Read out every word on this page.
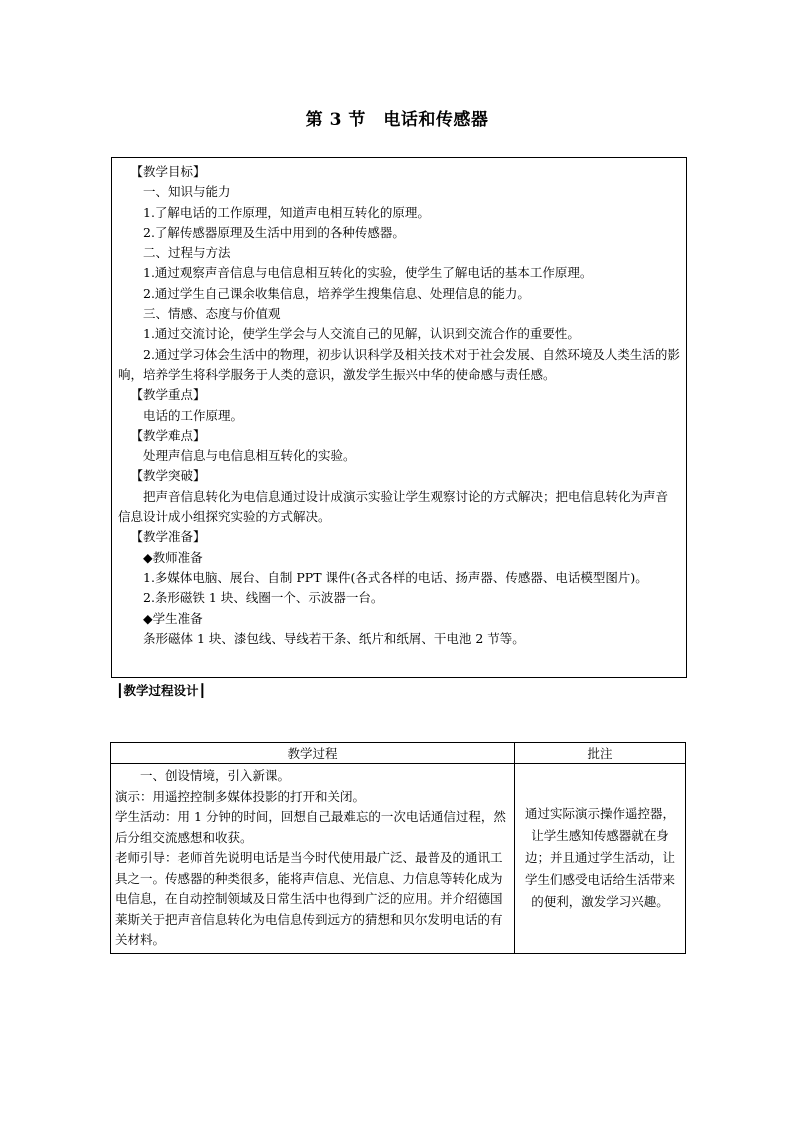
第 3 节　电话和传感器

【教学目标】

一、知识与能力

1.了解电话的工作原理，知道声电相互转化的原理。

2.了解传感器原理及生活中用到的各种传感器。

二、过程与方法

1.通过观察声音信息与电信息相互转化的实验，使学生了解电话的基本工作原理。

2.通过学生自己课余收集信息，培养学生搜集信息、处理信息的能力。

三、情感、态度与价值观

1.通过交流讨论，使学生学会与人交流自己的见解，认识到交流合作的重要性。

2.通过学习体会生活中的物理，初步认识科学及相关技术对于社会发展、自然环境及人类生活的影响，培养学生将科学服务于人类的意识，激发学生振兴中华的使命感与责任感。

【教学重点】

电话的工作原理。

【教学难点】

处理声信息与电信息相互转化的实验。

【教学突破】

把声音信息转化为电信息通过设计成演示实验让学生观察讨论的方式解决；把电信息转化为声音信息设计成小组探究实验的方式解决。

【教学准备】

◆教师准备

1.多媒体电脑、展台、自制 PPT 课件(各式各样的电话、扬声器、传感器、电话模型图片)。

2.条形磁铁 1 块、线圈一个、示波器一台。

◆学生准备

条形磁体 1 块、漆包线、导线若干条、纸片和纸屑、干电池 2 节等。

┃教学过程设计┃
教学过程	批注

一、创设情境，引入新课。

演示：用遥控控制多媒体投影的打开和关闭。

学生活动：用 1 分钟的时间，回想自己最难忘的一次电话通信过程，然后分组交流感想和收获。

老师引导：老师首先说明电话是当今时代使用最广泛、最普及的通讯工具之一。传感器的种类很多，能将声信息、光信息、力信息等转化成为电信息，在自动控制领域及日常生活中也得到广泛的应用。并介绍德国莱斯关于把声音信息转化为电信息传到远方的猜想和贝尔发明电话的有关材料。	通过实际演示操作遥控器，让学生感知传感器就在身边；并且通过学生活动，让学生们感受电话给生活带来的便利，激发学习兴趣。
